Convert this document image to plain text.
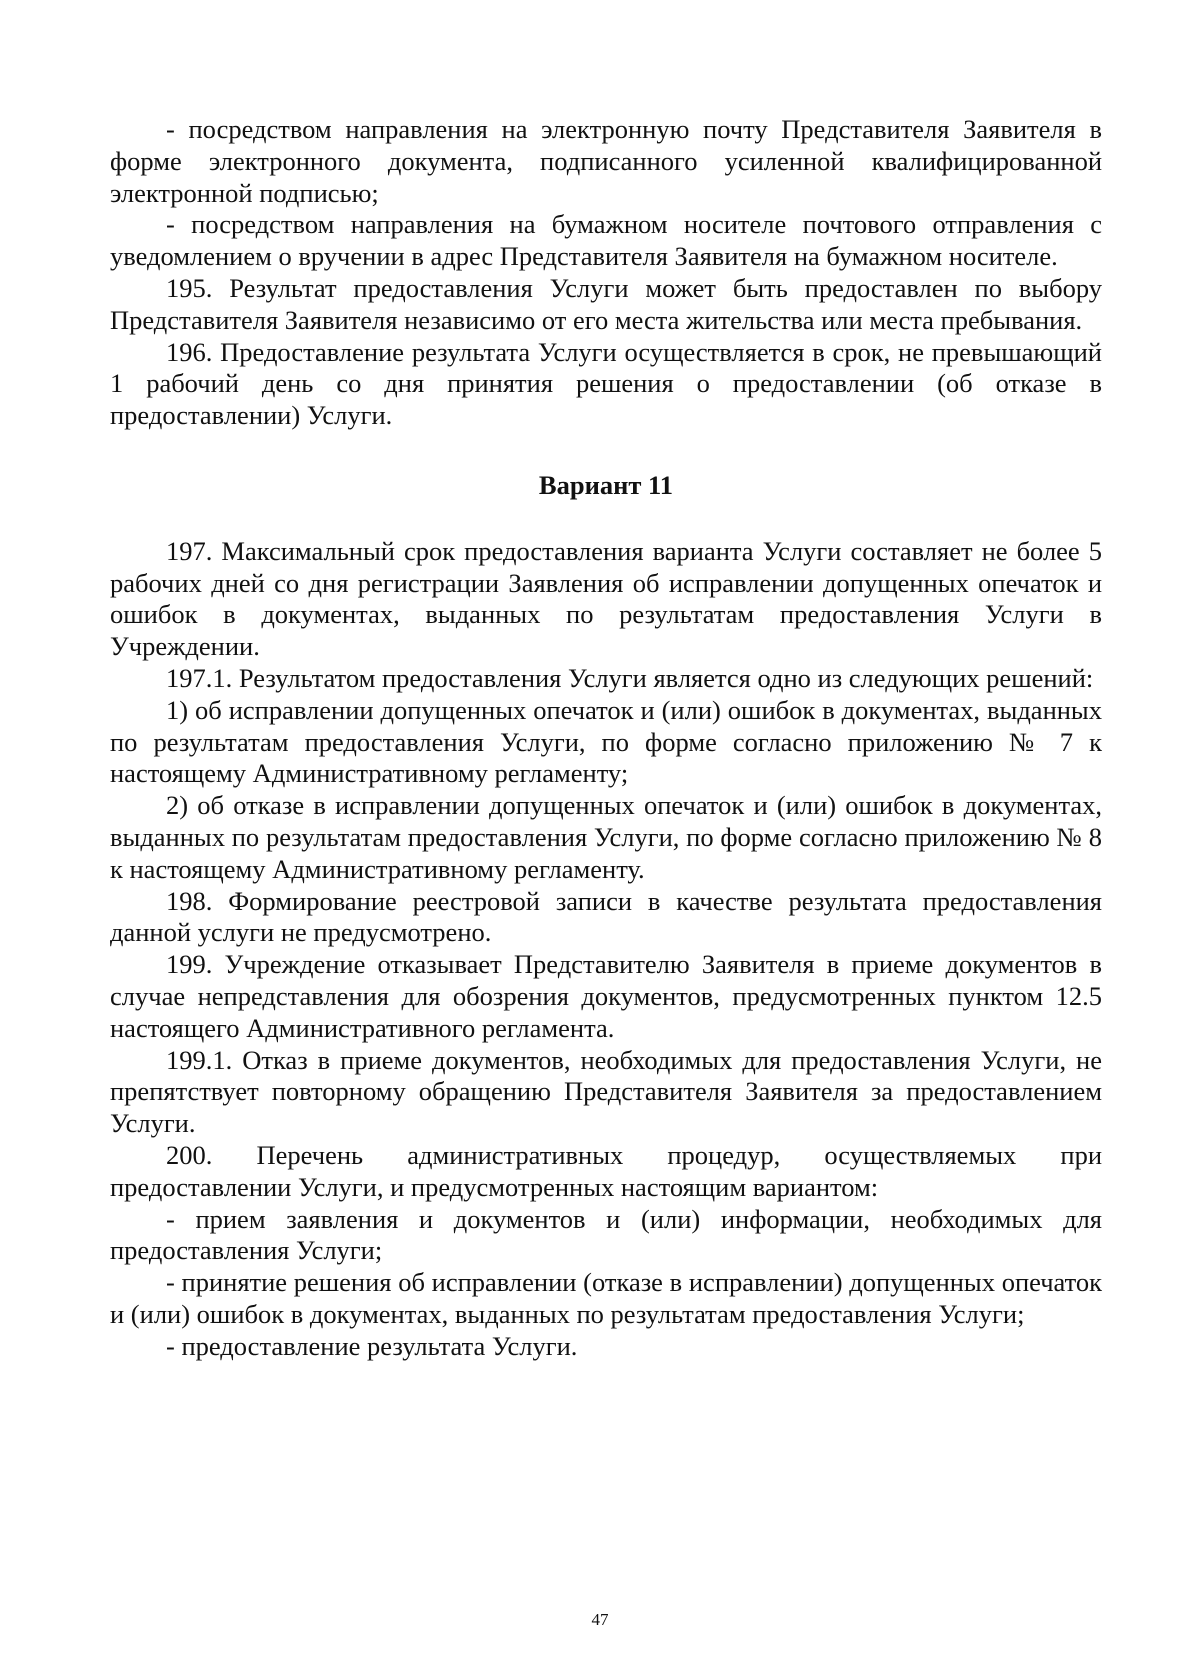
- посредством направления на электронную почту Представителя Заявителя в форме электронного документа, подписанного усиленной квалифицированной электронной подписью;

- посредством направления на бумажном носителе почтового отправления с уведомлением о вручении в адрес Представителя Заявителя на бумажном носителе.

195. Результат предоставления Услуги может быть предоставлен по выбору Представителя Заявителя независимо от его места жительства или места пребывания.

196. Предоставление результата Услуги осуществляется в срок, не превышающий 1 рабочий день со дня принятия решения о предоставлении (об отказе в предоставлении) Услуги.

Вариант 11

197. Максимальный срок предоставления варианта Услуги составляет не более 5 рабочих дней со дня регистрации Заявления об исправлении допущенных опечаток и ошибок в документах, выданных по результатам предоставления Услуги в Учреждении.

197.1. Результатом предоставления Услуги является одно из следующих решений:

1) об исправлении допущенных опечаток и (или) ошибок в документах, выданных по результатам предоставления Услуги, по форме согласно приложению № 7 к настоящему Административному регламенту;

2) об отказе в исправлении допущенных опечаток и (или) ошибок в документах, выданных по результатам предоставления Услуги, по форме согласно приложению № 8 к настоящему Административному регламенту.

198. Формирование реестровой записи в качестве результата предоставления данной услуги не предусмотрено.

199. Учреждение отказывает Представителю Заявителя в приеме документов в случае непредставления для обозрения документов, предусмотренных пунктом 12.5 настоящего Административного регламента.

199.1. Отказ в приеме документов, необходимых для предоставления Услуги, не препятствует повторному обращению Представителя Заявителя за предоставлением Услуги.

200. Перечень административных процедур, осуществляемых при предоставлении Услуги, и предусмотренных настоящим вариантом:

- прием заявления и документов и (или) информации, необходимых для предоставления Услуги;

- принятие решения об исправлении (отказе в исправлении) допущенных опечаток и (или) ошибок в документах, выданных по результатам предоставления Услуги;

- предоставление результата Услуги.

47
